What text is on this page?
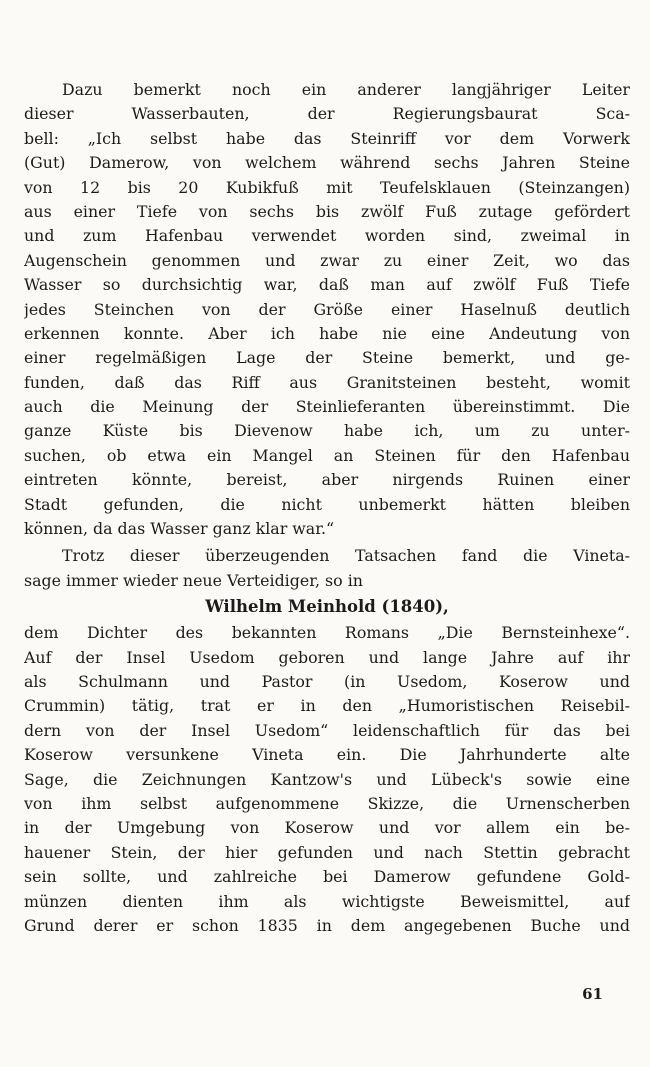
Dazu bemerkt noch ein anderer langjähriger Leiter
dieser Wasserbauten, der Regierungsbaurat Sca-
bell: „Ich selbst habe das Steinriff vor dem Vorwerk
(Gut) Damerow, von welchem während sechs Jahren Steine
von 12 bis 20 Kubikfuß mit Teufelsklauen (Steinzangen)
aus einer Tiefe von sechs bis zwölf Fuß zutage gefördert
und zum Hafenbau verwendet worden sind, zweimal in
Augenschein genommen und zwar zu einer Zeit, wo das
Wasser so durchsichtig war, daß man auf zwölf Fuß Tiefe
jedes Steinchen von der Größe einer Haselnuß deutlich
erkennen konnte. Aber ich habe nie eine Andeutung von
einer regelmäßigen Lage der Steine bemerkt, und ge-
funden, daß das Riff aus Granitsteinen besteht, womit
auch die Meinung der Steinlieferanten übereinstimmt. Die
ganze Küste bis Dievenow habe ich, um zu unter-
suchen, ob etwa ein Mangel an Steinen für den Hafenbau
eintreten könnte, bereist, aber nirgends Ruinen einer
Stadt gefunden, die nicht unbemerkt hätten bleiben
können, da das Wasser ganz klar war.“
Trotz dieser überzeugenden Tatsachen fand die Vineta-
sage immer wieder neue Verteidiger, so in
Wilhelm Meinhold (1840),
dem Dichter des bekannten Romans „Die Bernsteinhexe“.
Auf der Insel Usedom geboren und lange Jahre auf ihr
als Schulmann und Pastor (in Usedom, Koserow und
Crummin) tätig, trat er in den „Humoristischen Reisebil-
dern von der Insel Usedom“ leidenschaftlich für das bei
Koserow versunkene Vineta ein. Die Jahrhunderte alte
Sage, die Zeichnungen Kantzow's und Lübeck's sowie eine
von ihm selbst aufgenommene Skizze, die Urnenscherben
in der Umgebung von Koserow und vor allem ein be-
hauener Stein, der hier gefunden und nach Stettin gebracht
sein sollte, und zahlreiche bei Damerow gefundene Gold-
münzen dienten ihm als wichtigste Beweismittel, auf
Grund derer er schon 1835 in dem angegebenen Buche und
61
